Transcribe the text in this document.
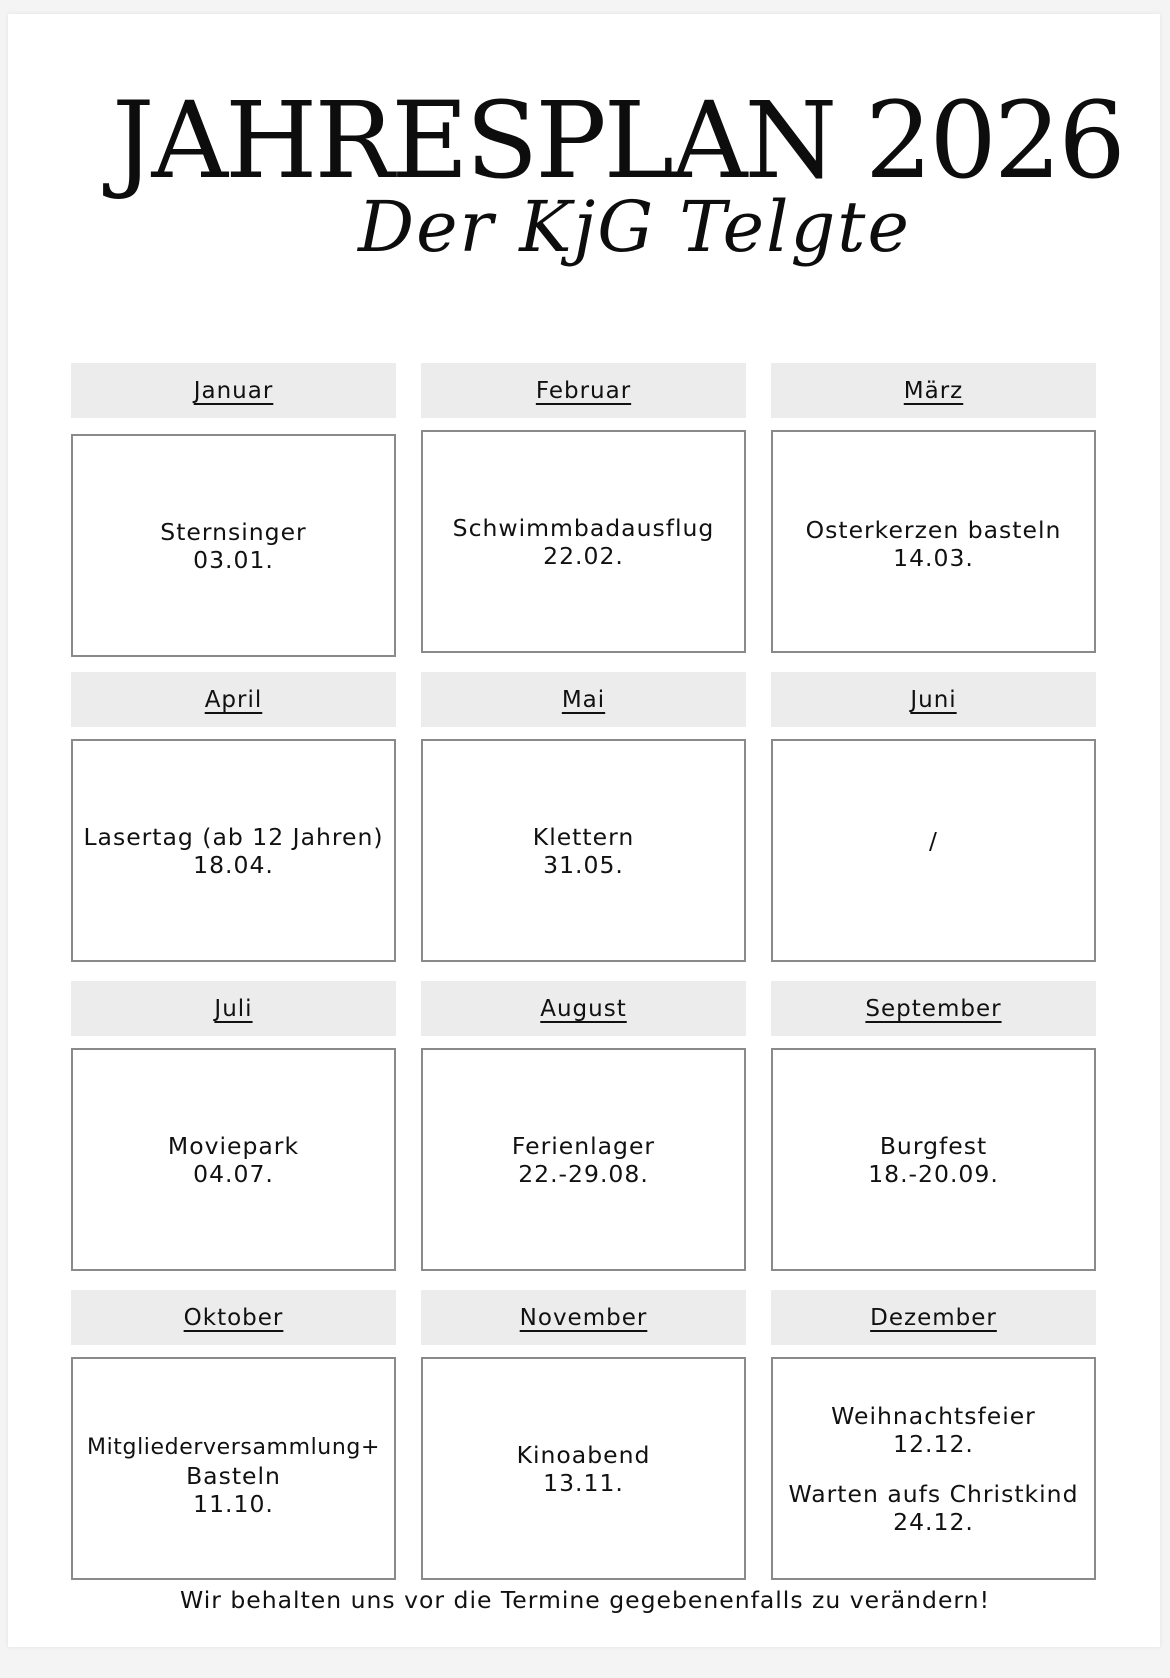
JAHRESPLAN 2026
Der KjG Telgte
Januar
Sternsinger
03.01.
Februar
Schwimmbadausflug
22.02.
März
Osterkerzen basteln
14.03.
April
Lasertag (ab 12 Jahren)
18.04.
Mai
Klettern
31.05.
Juni
/
Juli
Moviepark
04.07.
August
Ferienlager
22.-29.08.
September
Burgfest
18.-20.09.
Oktober
Mitgliederversammlung+
Basteln
11.10.
November
Kinoabend
13.11.
Dezember
Weihnachtsfeier
12.12.
Warten aufs Christkind
24.12.
Wir behalten uns vor die Termine gegebenenfalls zu verändern!
